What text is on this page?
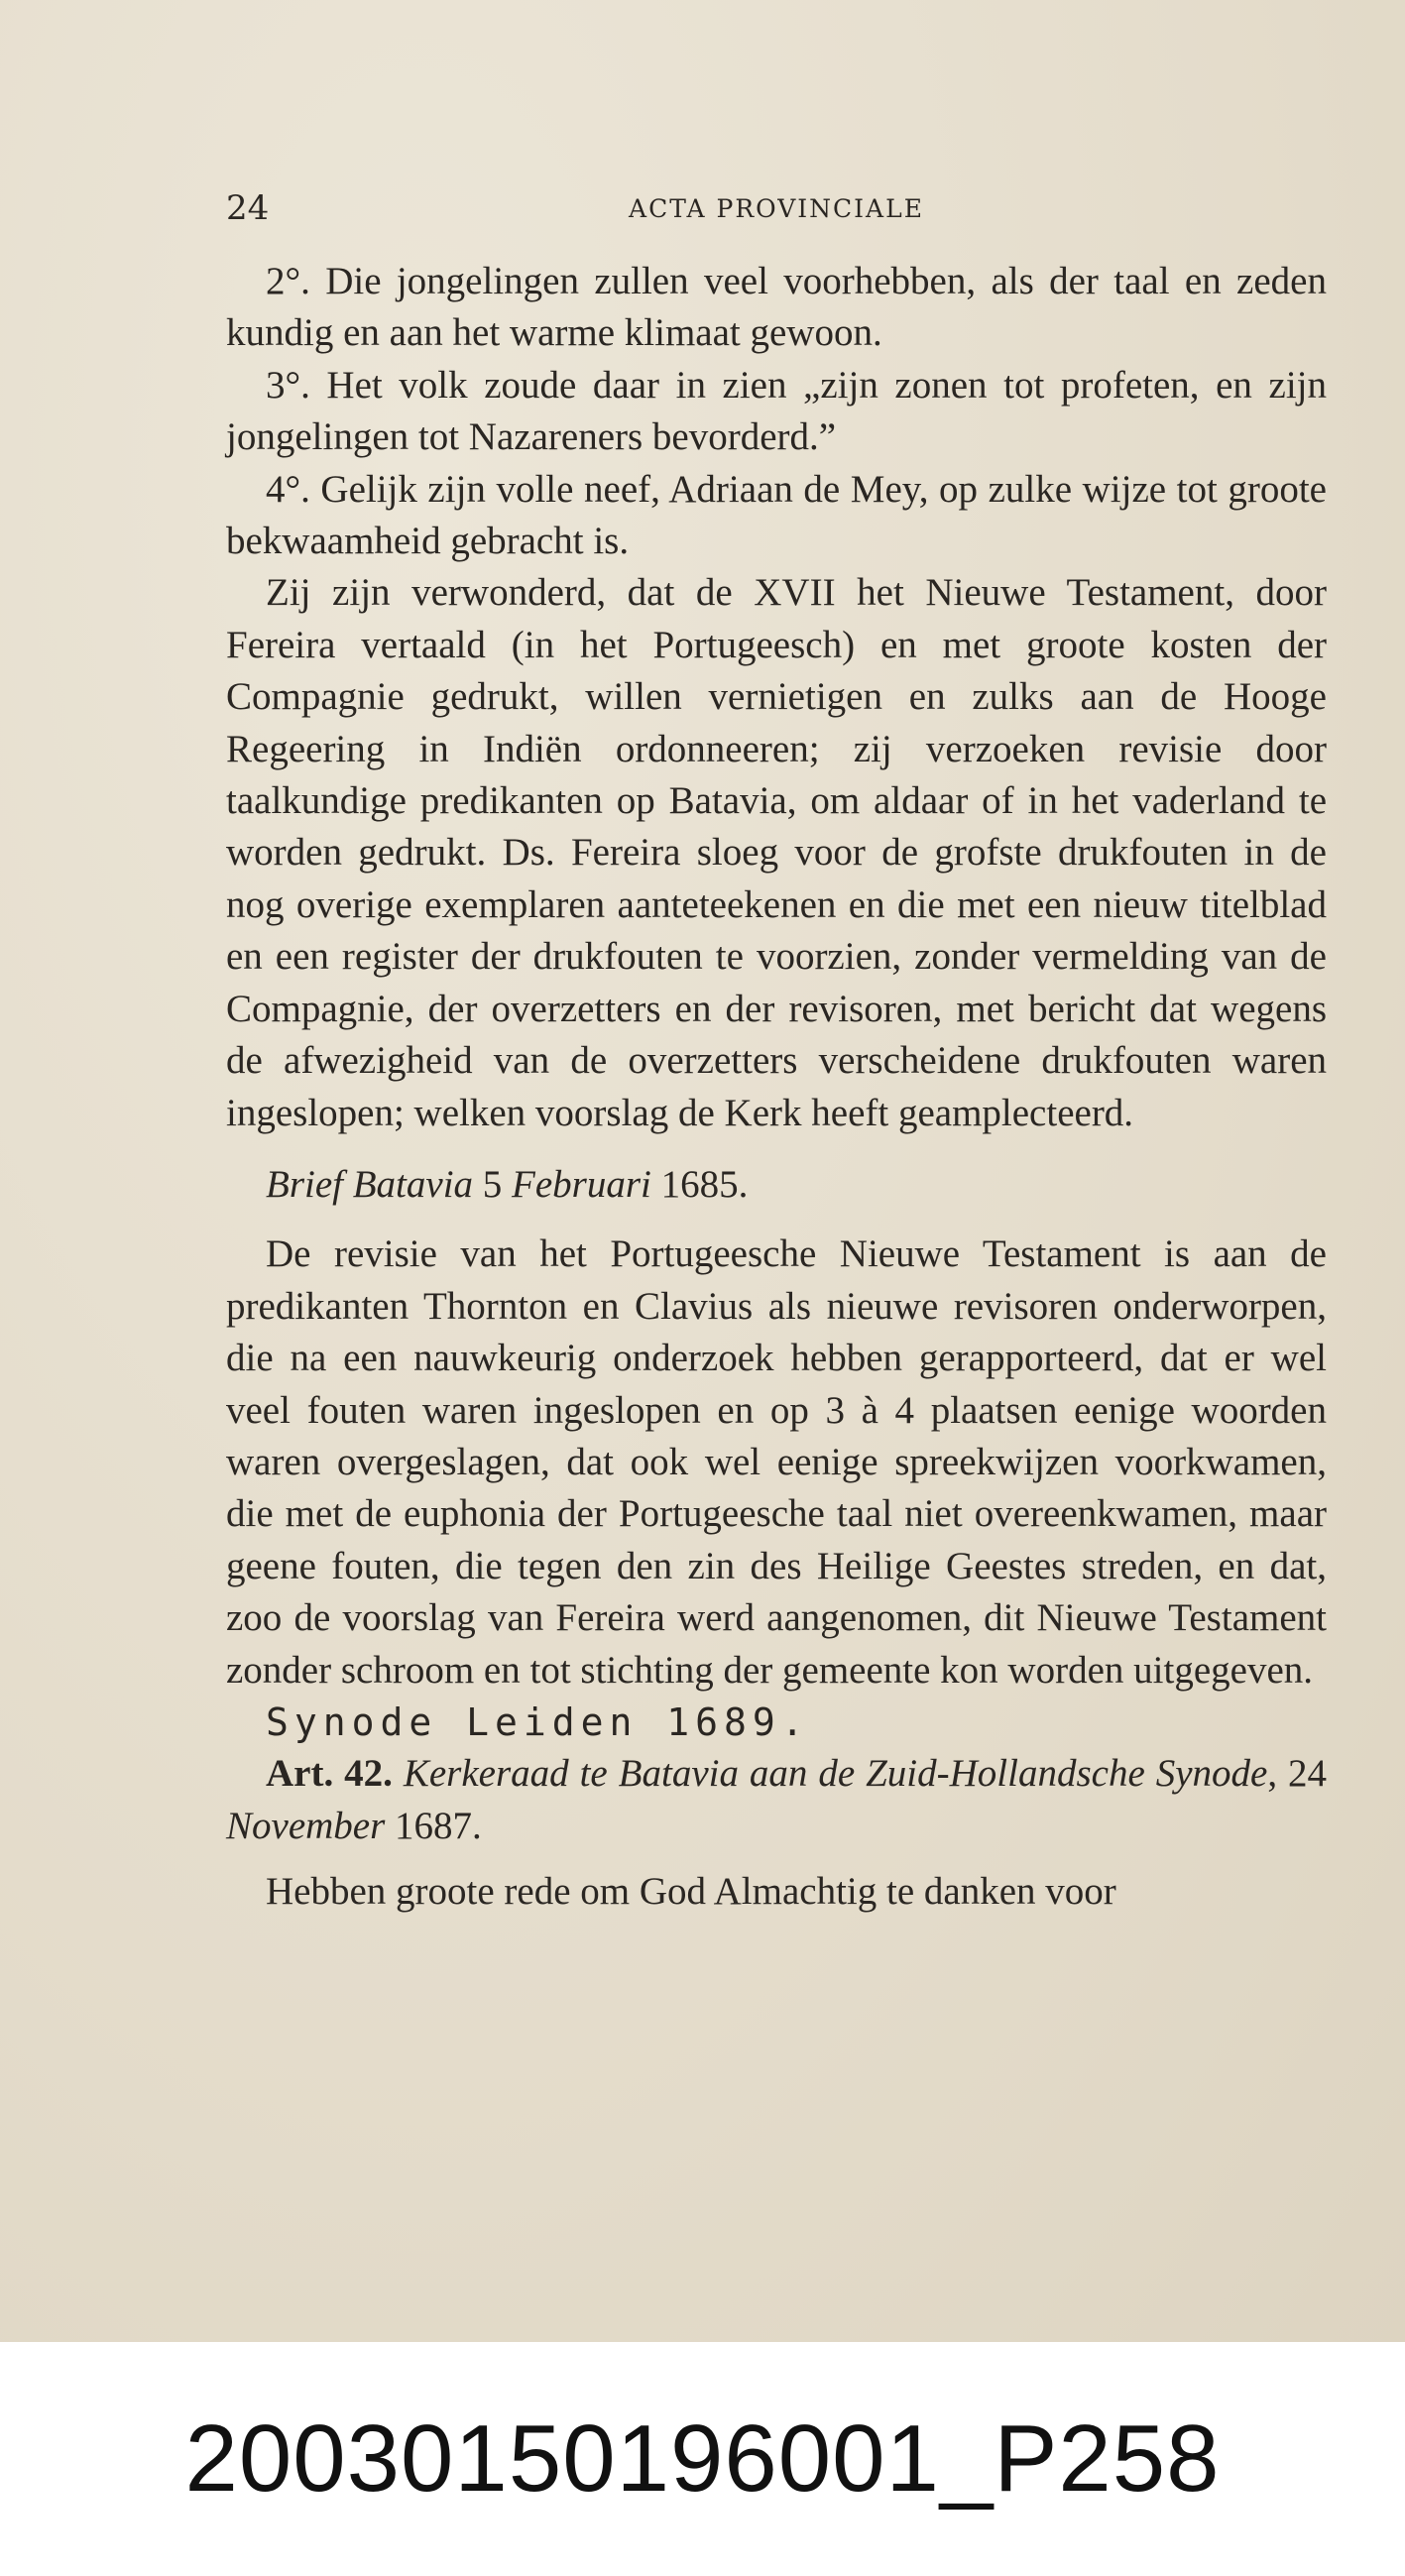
24	ACTA PROVINCIALE

2°. Die jongelingen zullen veel voorhebben, als der taal en zeden kundig en aan het warme klimaat gewoon.

3°. Het volk zoude daar in zien „zijn zonen tot profeten, en zijn jongelingen tot Nazareners bevorderd.”

4°. Gelijk zijn volle neef, Adriaan de Mey, op zulke wijze tot groote bekwaamheid gebracht is.

Zij zijn verwonderd, dat de XVII het Nieuwe Testament, door Fereira vertaald (in het Portugeesch) en met groote kosten der Compagnie gedrukt, willen vernietigen en zulks aan de Hooge Regeering in Indiën ordonneeren; zij verzoeken revisie door taalkundige predikanten op Batavia, om aldaar of in het vaderland te worden gedrukt. Ds. Fereira sloeg voor de grofste drukfouten in de nog overige exemplaren aanteteekenen en die met een nieuw titelblad en een register der drukfouten te voorzien, zonder vermelding van de Compagnie, der overzetters en der revisoren, met bericht dat wegens de afwezigheid van de overzetters verscheidene drukfouten waren ingeslopen; welken voorslag de Kerk heeft geamplecteerd.

Brief Batavia 5 Februari 1685.

De revisie van het Portugeesche Nieuwe Testament is aan de predikanten Thornton en Clavius als nieuwe revisoren onderworpen, die na een nauwkeurig onderzoek hebben gerapporteerd, dat er wel veel fouten waren ingeslopen en op 3 à 4 plaatsen eenige woorden waren overgeslagen, dat ook wel eenige spreekwijzen voorkwamen, die met de euphonia der Portugeesche taal niet overeenkwamen, maar geene fouten, die tegen den zin des Heilige Geestes streden, en dat, zoo de voorslag van Fereira werd aangenomen, dit Nieuwe Testament zonder schroom en tot stichting der gemeente kon worden uitgegeven.

Synode Leiden 1689.

Art. 42. Kerkeraad te Batavia aan de Zuid-Hollandsche Synode, 24 November 1687.

Hebben groote rede om God Almachtig te danken voor

20030150196001_P258
